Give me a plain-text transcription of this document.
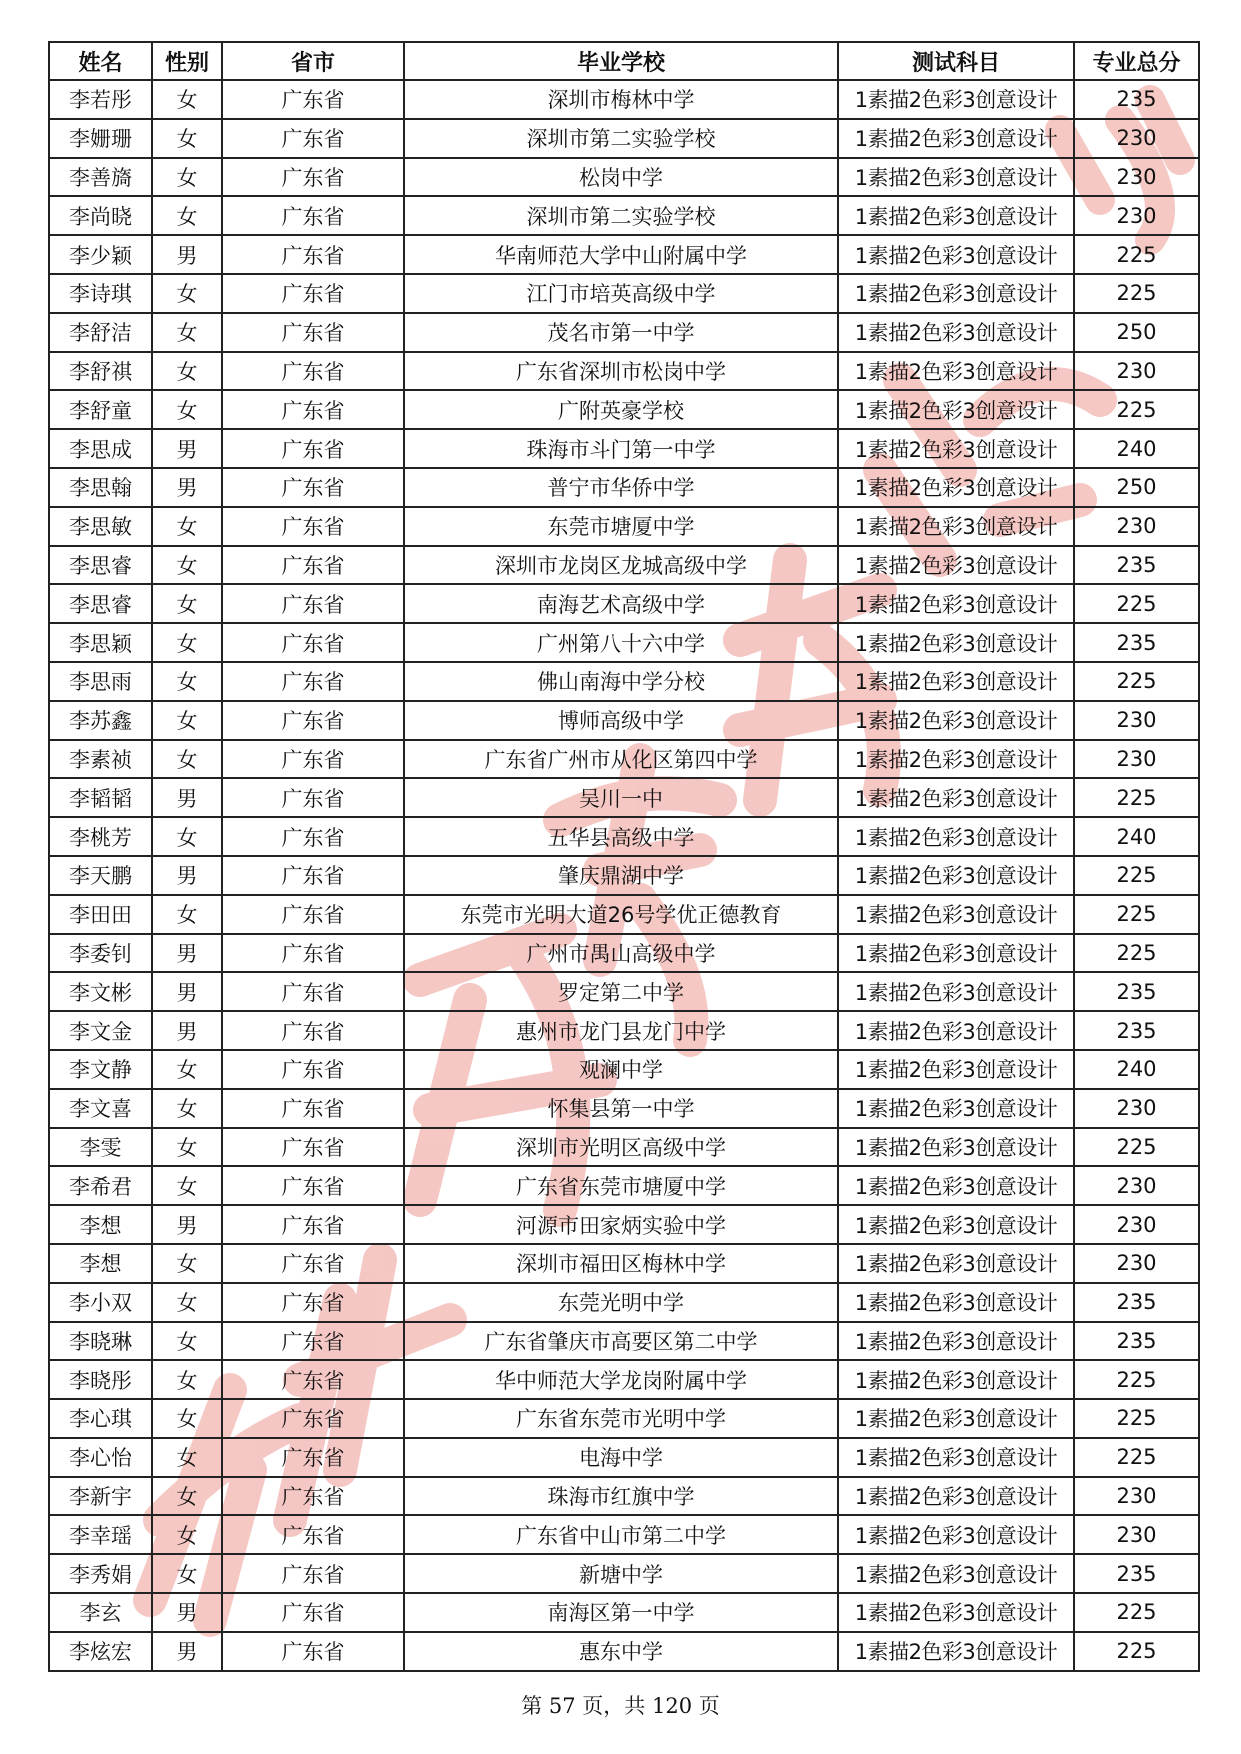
姓名	性别	省市	毕业学校	测试科目	专业总分
李若彤	女	广东省	深圳市梅林中学	1素描2色彩3创意设计	235
李姗珊	女	广东省	深圳市第二实验学校	1素描2色彩3创意设计	230
李善旖	女	广东省	松岗中学	1素描2色彩3创意设计	230
李尚晓	女	广东省	深圳市第二实验学校	1素描2色彩3创意设计	230
李少颖	男	广东省	华南师范大学中山附属中学	1素描2色彩3创意设计	225
李诗琪	女	广东省	江门市培英高级中学	1素描2色彩3创意设计	225
李舒洁	女	广东省	茂名市第一中学	1素描2色彩3创意设计	250
李舒祺	女	广东省	广东省深圳市松岗中学	1素描2色彩3创意设计	230
李舒童	女	广东省	广附英豪学校	1素描2色彩3创意设计	225
李思成	男	广东省	珠海市斗门第一中学	1素描2色彩3创意设计	240
李思翰	男	广东省	普宁市华侨中学	1素描2色彩3创意设计	250
李思敏	女	广东省	东莞市塘厦中学	1素描2色彩3创意设计	230
李思睿	女	广东省	深圳市龙岗区龙城高级中学	1素描2色彩3创意设计	235
李思睿	女	广东省	南海艺术高级中学	1素描2色彩3创意设计	225
李思颖	女	广东省	广州第八十六中学	1素描2色彩3创意设计	235
李思雨	女	广东省	佛山南海中学分校	1素描2色彩3创意设计	225
李苏鑫	女	广东省	博师高级中学	1素描2色彩3创意设计	230
李素祯	女	广东省	广东省广州市从化区第四中学	1素描2色彩3创意设计	230
李韬韬	男	广东省	吴川一中	1素描2色彩3创意设计	225
李桃芳	女	广东省	五华县高级中学	1素描2色彩3创意设计	240
李天鹏	男	广东省	肇庆鼎湖中学	1素描2色彩3创意设计	225
李田田	女	广东省	东莞市光明大道26号学优正德教育	1素描2色彩3创意设计	225
李委钊	男	广东省	广州市禺山高级中学	1素描2色彩3创意设计	225
李文彬	男	广东省	罗定第二中学	1素描2色彩3创意设计	235
李文金	男	广东省	惠州市龙门县龙门中学	1素描2色彩3创意设计	235
李文静	女	广东省	观澜中学	1素描2色彩3创意设计	240
李文喜	女	广东省	怀集县第一中学	1素描2色彩3创意设计	230
李雯	女	广东省	深圳市光明区高级中学	1素描2色彩3创意设计	225
李希君	女	广东省	广东省东莞市塘厦中学	1素描2色彩3创意设计	230
李想	男	广东省	河源市田家炳实验中学	1素描2色彩3创意设计	230
李想	女	广东省	深圳市福田区梅林中学	1素描2色彩3创意设计	230
李小双	女	广东省	东莞光明中学	1素描2色彩3创意设计	235
李晓琳	女	广东省	广东省肇庆市高要区第二中学	1素描2色彩3创意设计	235
李晓彤	女	广东省	华中师范大学龙岗附属中学	1素描2色彩3创意设计	225
李心琪	女	广东省	广东省东莞市光明中学	1素描2色彩3创意设计	225
李心怡	女	广东省	电海中学	1素描2色彩3创意设计	225
李新宇	女	广东省	珠海市红旗中学	1素描2色彩3创意设计	230
李幸瑶	女	广东省	广东省中山市第二中学	1素描2色彩3创意设计	230
李秀娟	女	广东省	新塘中学	1素描2色彩3创意设计	235
李玄	男	广东省	南海区第一中学	1素描2色彩3创意设计	225
李炫宏	男	广东省	惠东中学	1素描2色彩3创意设计	225
第 57 页，共 120 页
